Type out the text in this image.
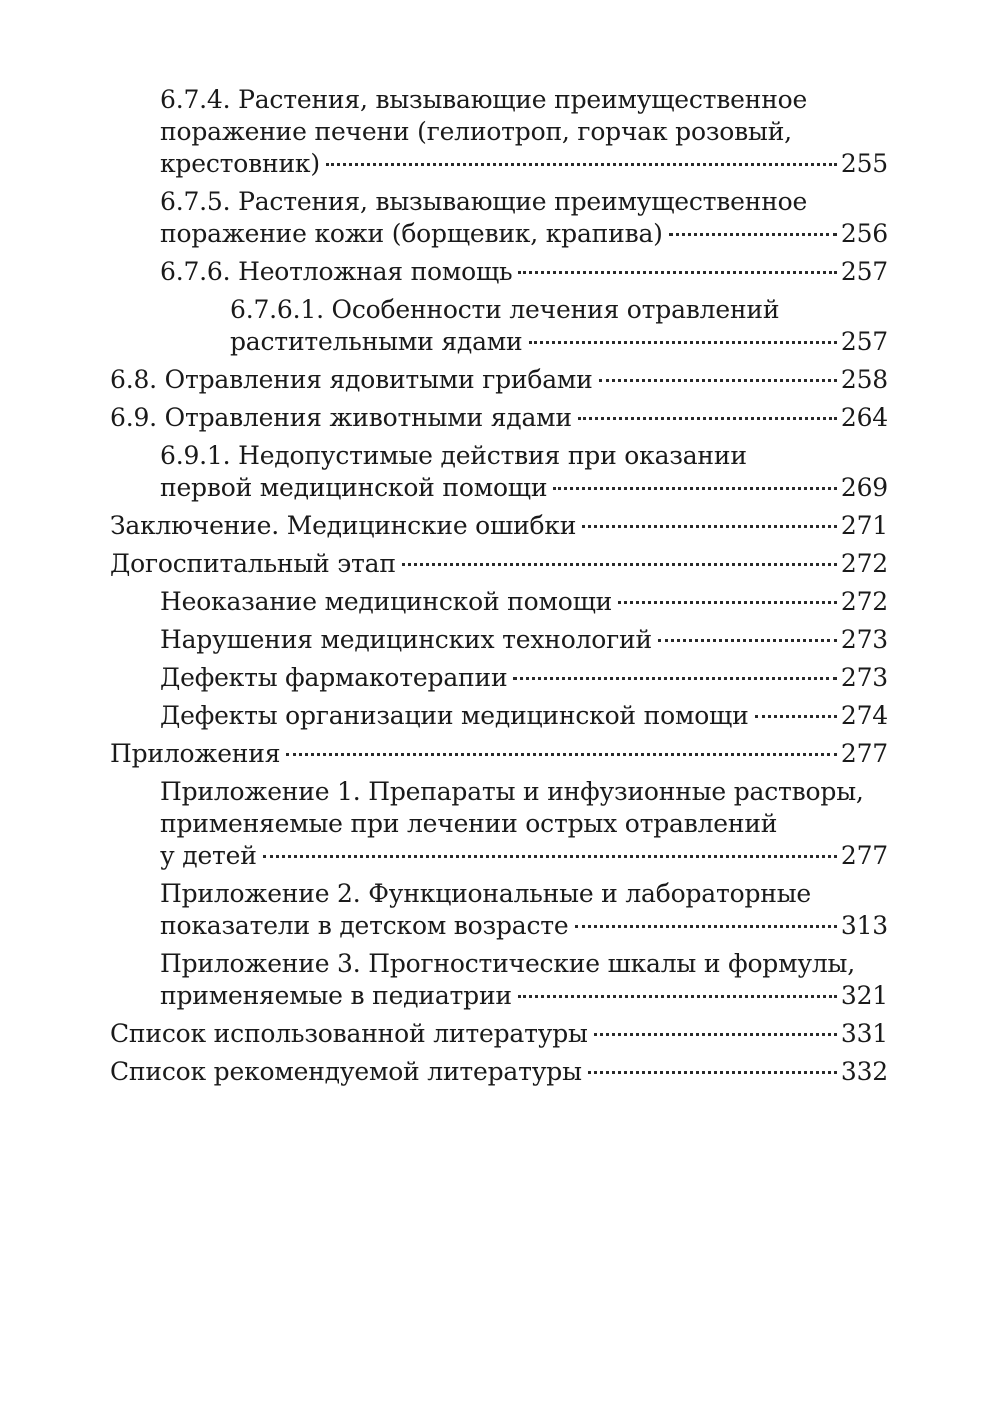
6.7.4. Растения, вызывающие преимущественное
поражение печени (гелиотроп, горчак розовый,
крестовник)	255
6.7.5. Растения, вызывающие преимущественное
поражение кожи (борщевик, крапива)	256
6.7.6. Неотложная помощь	257
6.7.6.1. Особенности лечения отравлений
растительными ядами	257
6.8. Отравления ядовитыми грибами	258
6.9. Отравления животными ядами	264
6.9.1. Недопустимые действия при оказании
первой медицинской помощи	269
Заключение. Медицинские ошибки	271
Догоспитальный этап	272
Неоказание медицинской помощи	272
Нарушения медицинских технологий	273
Дефекты фармакотерапии	273
Дефекты организации медицинской помощи	274
Приложения	277
Приложение 1. Препараты и инфузионные растворы,
применяемые при лечении острых отравлений
у детей	277
Приложение 2. Функциональные и лабораторные
показатели в детском возрасте	313
Приложение 3. Прогностические шкалы и формулы,
применяемые в педиатрии	321
Список использованной литературы	331
Список рекомендуемой литературы	332
